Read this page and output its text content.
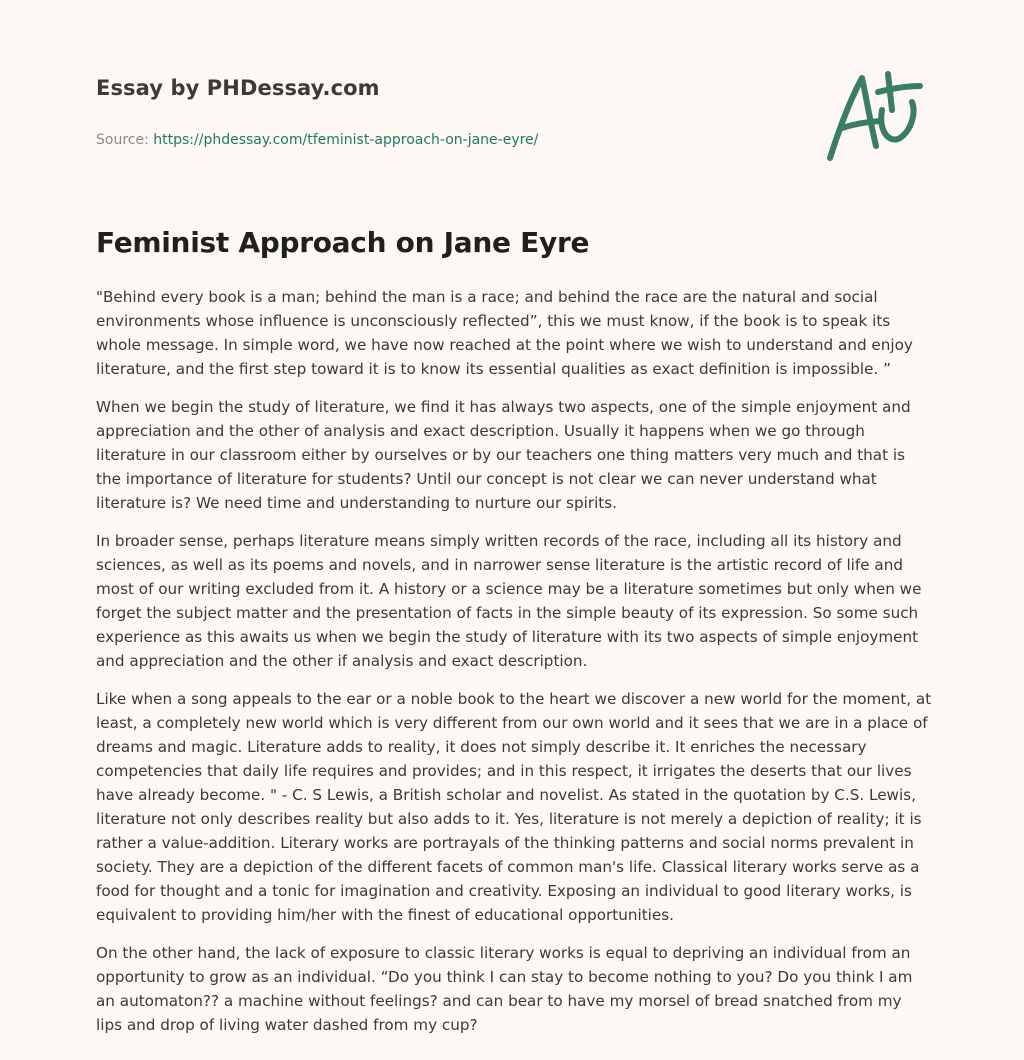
Essay by PHDessay.com
Source: https://phdessay.com/tfeminist-approach-on-jane-eyre/
Feminist Approach on Jane Eyre

"Behind every book is a man; behind the man is a race; and behind the race are the natural and social environments whose influence is unconsciously reflected”, this we must know, if the book is to speak its whole message. In simple word, we have now reached at the point where we wish to understand and enjoy literature, and the first step toward it is to know its essential qualities as exact definition is impossible. ”

When we begin the study of literature, we find it has always two aspects, one of the simple enjoyment and appreciation and the other of analysis and exact description. Usually it happens when we go through literature in our classroom either by ourselves or by our teachers one thing matters very much and that is the importance of literature for students? Until our concept is not clear we can never understand what literature is? We need time and understanding to nurture our spirits.

In broader sense, perhaps literature means simply written records of the race, including all its history and sciences, as well as its poems and novels, and in narrower sense literature is the artistic record of life and most of our writing excluded from it. A history or a science may be a literature sometimes but only when we forget the subject matter and the presentation of facts in the simple beauty of its expression. So some such experience as this awaits us when we begin the study of literature with its two aspects of simple enjoyment and appreciation and the other if analysis and exact description.

Like when a song appeals to the ear or a noble book to the heart we discover a new world for the moment, at least, a completely new world which is very different from our own world and it sees that we are in a place of dreams and magic. Literature adds to reality, it does not simply describe it. It enriches the necessary competencies that daily life requires and provides; and in this respect, it irrigates the deserts that our lives have already become. " - C. S Lewis, a British scholar and novelist. As stated in the quotation by C.S. Lewis, literature not only describes reality but also adds to it. Yes, literature is not merely a depiction of reality; it is rather a value-addition. Literary works are portrayals of the thinking patterns and social norms prevalent in society. They are a depiction of the different facets of common man's life. Classical literary works serve as a food for thought and a tonic for imagination and creativity. Exposing an individual to good literary works, is equivalent to providing him/her with the finest of educational opportunities.

On the other hand, the lack of exposure to classic literary works is equal to depriving an individual from an opportunity to grow as an individual. “Do you think I can stay to become nothing to you? Do you think I am an automaton?? a machine without feelings? and can bear to have my morsel of bread snatched from my lips and drop of living water dashed from my cup?
